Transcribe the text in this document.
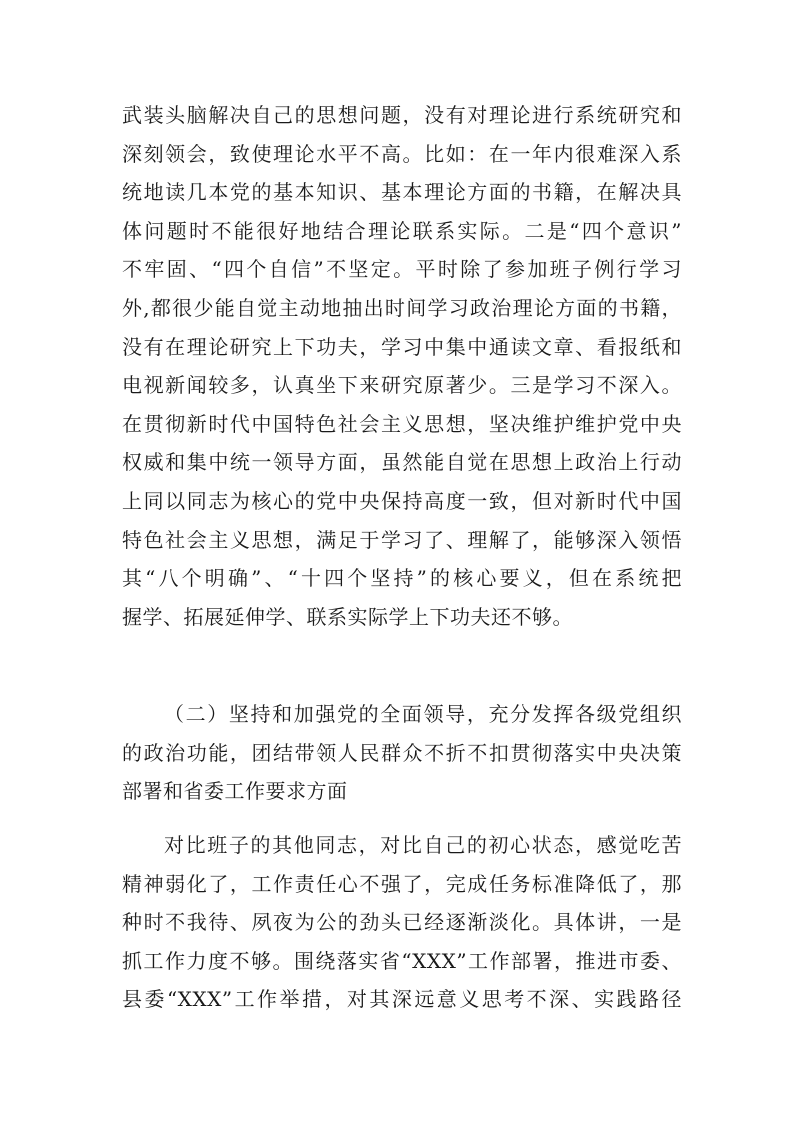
武装头脑解决自己的思想问题，没有对理论进行系统研究和
深刻领会，致使理论水平不高。比如：在一年内很难深入系
统地读几本党的基本知识、基本理论方面的书籍，在解决具
体问题时不能很好地结合理论联系实际。二是“四个意识”
不牢固、“四个自信”不坚定。平时除了参加班子例行学习
外,都很少能自觉主动地抽出时间学习政治理论方面的书籍，
没有在理论研究上下功夫，学习中集中通读文章、看报纸和
电视新闻较多，认真坐下来研究原著少。三是学习不深入。
在贯彻新时代中国特色社会主义思想，坚决维护维护党中央
权威和集中统一领导方面，虽然能自觉在思想上政治上行动
上同以同志为核心的党中央保持高度一致，但对新时代中国
特色社会主义思想，满足于学习了、理解了，能够深入领悟
其“八个明确”、“十四个坚持”的核心要义，但在系统把
握学、拓展延伸学、联系实际学上下功夫还不够。
（二）坚持和加强党的全面领导，充分发挥各级党组织
的政治功能，团结带领人民群众不折不扣贯彻落实中央决策
部署和省委工作要求方面
对比班子的其他同志，对比自己的初心状态，感觉吃苦
精神弱化了，工作责任心不强了，完成任务标准降低了，那
种时不我待、夙夜为公的劲头已经逐渐淡化。具体讲，一是
抓工作力度不够。围绕落实省“XXX”工作部署，推进市委、
县委“XXX”工作举措，对其深远意义思考不深、实践路径
